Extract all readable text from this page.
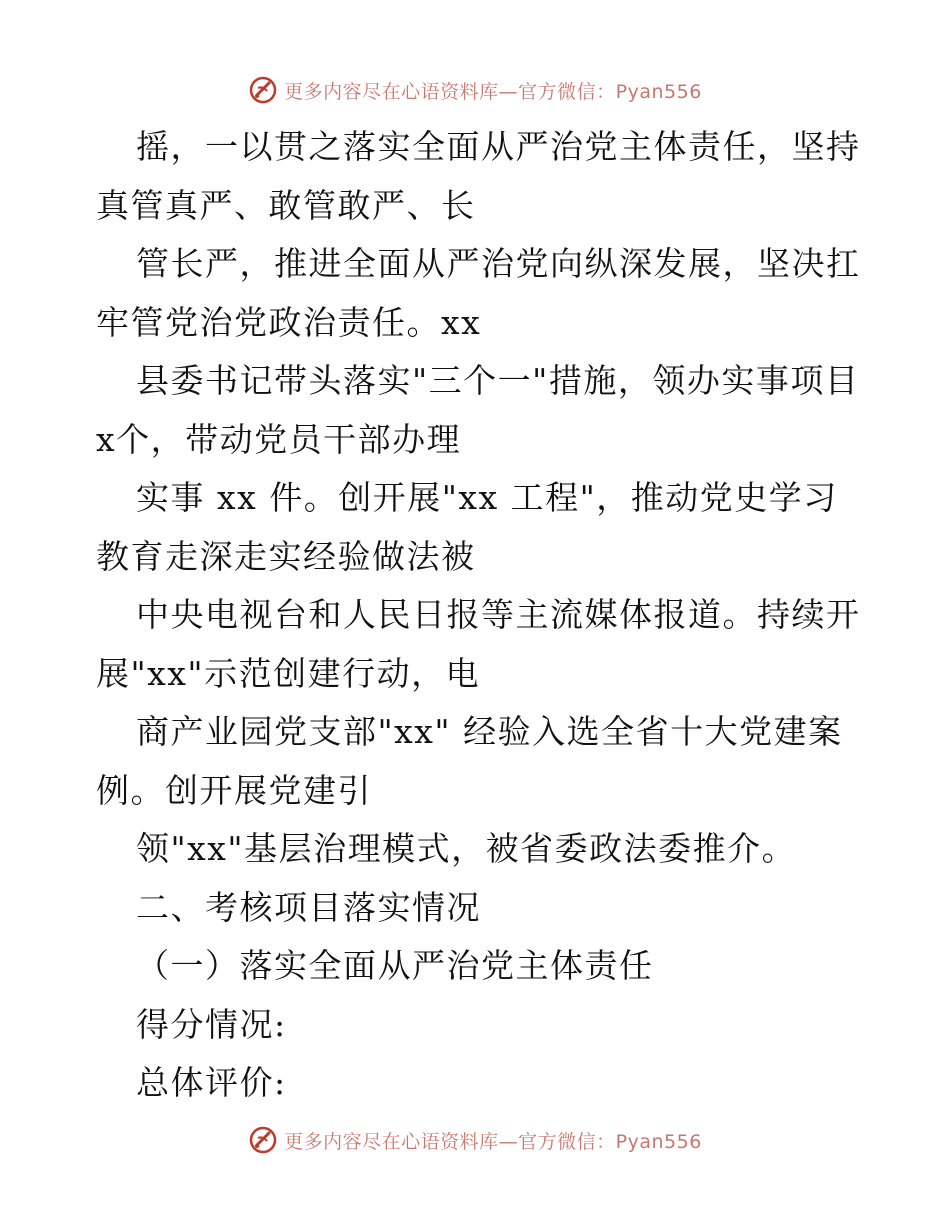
更多内容尽在心语资料库—官方微信：Pyan556
摇，一以贯之落实全面从严治党主体责任，坚持
真管真严、敢管敢严、长
管长严，推进全面从严治党向纵深发展，坚决扛
牢管党治党政治责任。xx
县委书记带头落实"三个一"措施，领办实事项目
x个，带动党员干部办理
实事 xx 件。创开展"xx 工程"，推动党史学习
教育走深走实经验做法被
中央电视台和人民日报等主流媒体报道。持续开
展"xx"示范创建行动，电
商产业园党支部"xx" 经验入选全省十大党建案
例。创开展党建引
领"xx"基层治理模式，被省委政法委推介。
二、考核项目落实情况
（一）落实全面从严治党主体责任
得分情况:
总体评价:
更多内容尽在心语资料库—官方微信：Pyan556
